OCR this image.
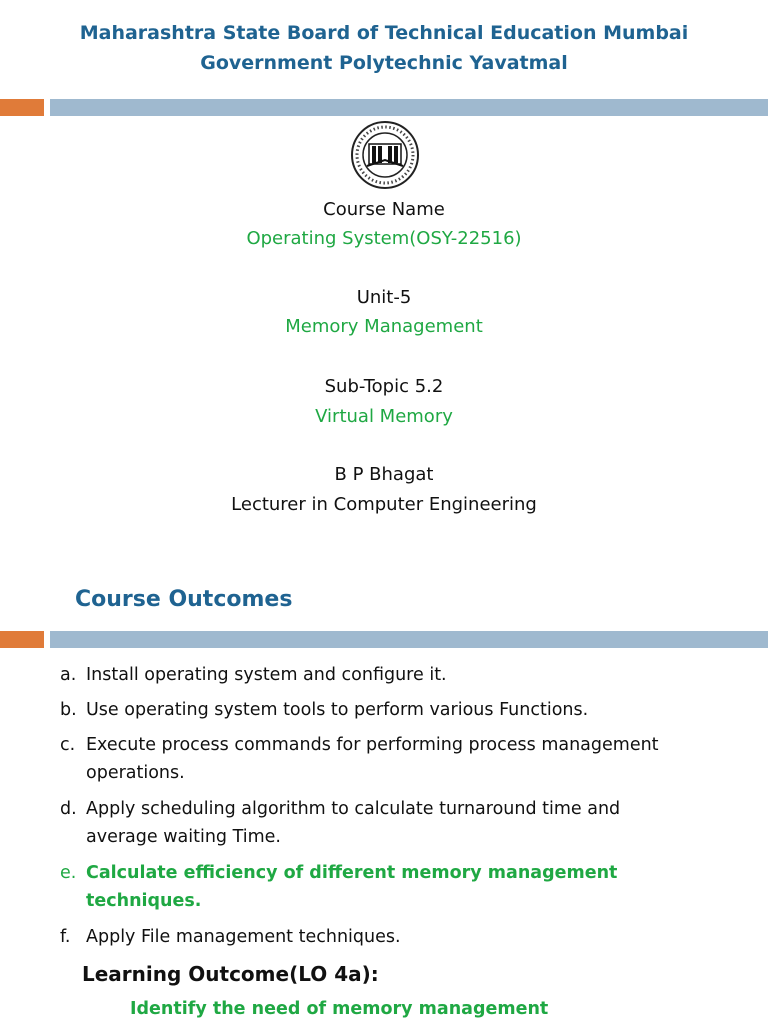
Maharashtra State Board of Technical Education Mumbai
Government Polytechnic Yavatmal
Course Name
Operating System(OSY-22516)
Unit-5
Memory Management
Sub-Topic 5.2
Virtual Memory
B P Bhagat
Lecturer in Computer Engineering
Course Outcomes
a. Install operating system and configure it.
b. Use operating system tools to perform various Functions.
c. Execute process commands for performing process management
operations.
d. Apply scheduling algorithm to calculate turnaround time and
average waiting Time.
e. Calculate efficiency of different memory management
techniques.
f. Apply File management techniques.
Learning Outcome(LO 4a):
Identify the need of memory management
